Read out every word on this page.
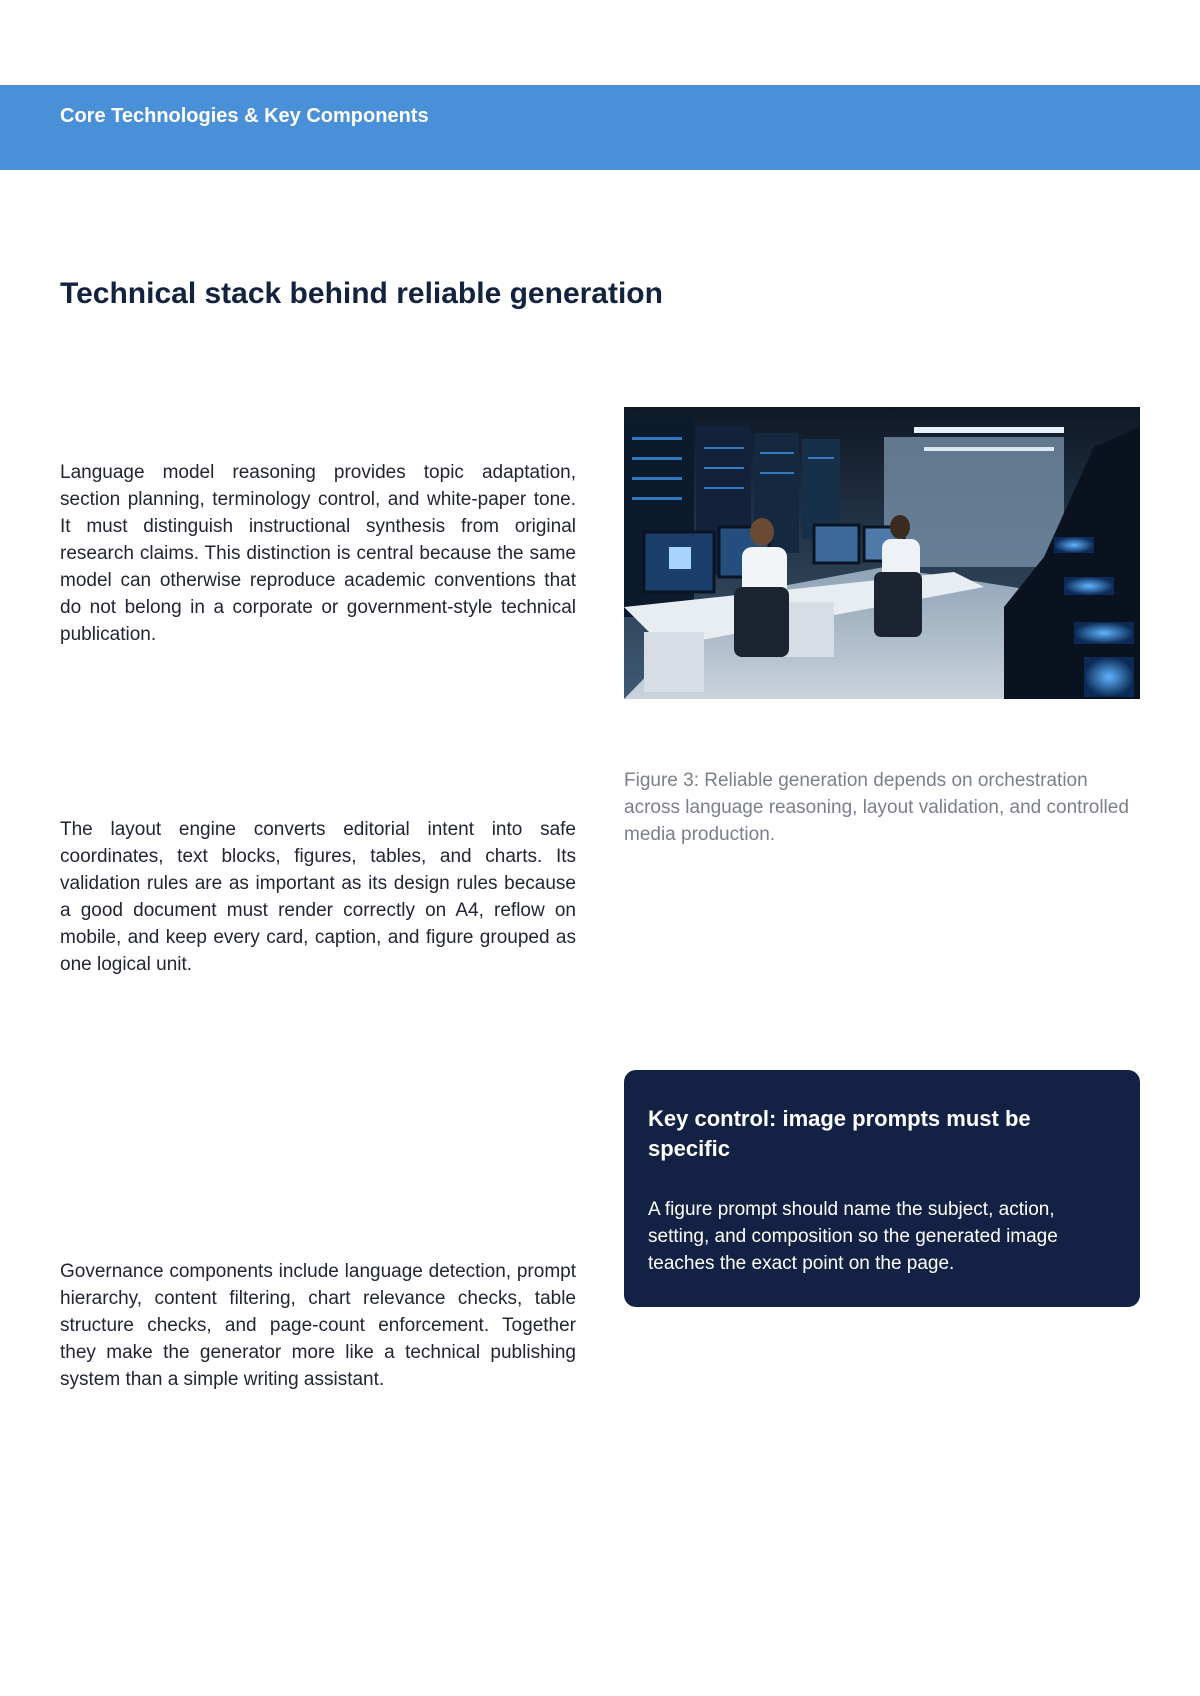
Core Technologies & Key Components
Technical stack behind reliable generation

Language model reasoning provides topic adaptation, section planning, terminology control, and white-paper tone. It must distinguish instructional synthesis from original research claims. This distinction is central because the same model can otherwise reproduce academic conventions that do not belong in a corporate or government-style technical publication.

The layout engine converts editorial intent into safe coordinates, text blocks, figures, tables, and charts. Its validation rules are as important as its design rules because a good document must render correctly on A4, reflow on mobile, and keep every card, caption, and figure grouped as one logical unit.

Governance components include language detection, prompt hierarchy, content filtering, chart relevance checks, table structure checks, and page-count enforcement. Together they make the generator more like a technical publishing system than a simple writing assistant.

Figure 3: Reliable generation depends on orchestration across language reasoning, layout validation, and controlled media production.

Key control: image prompts must be specific

A figure prompt should name the subject, action, setting, and composition so the generated image teaches the exact point on the page.
